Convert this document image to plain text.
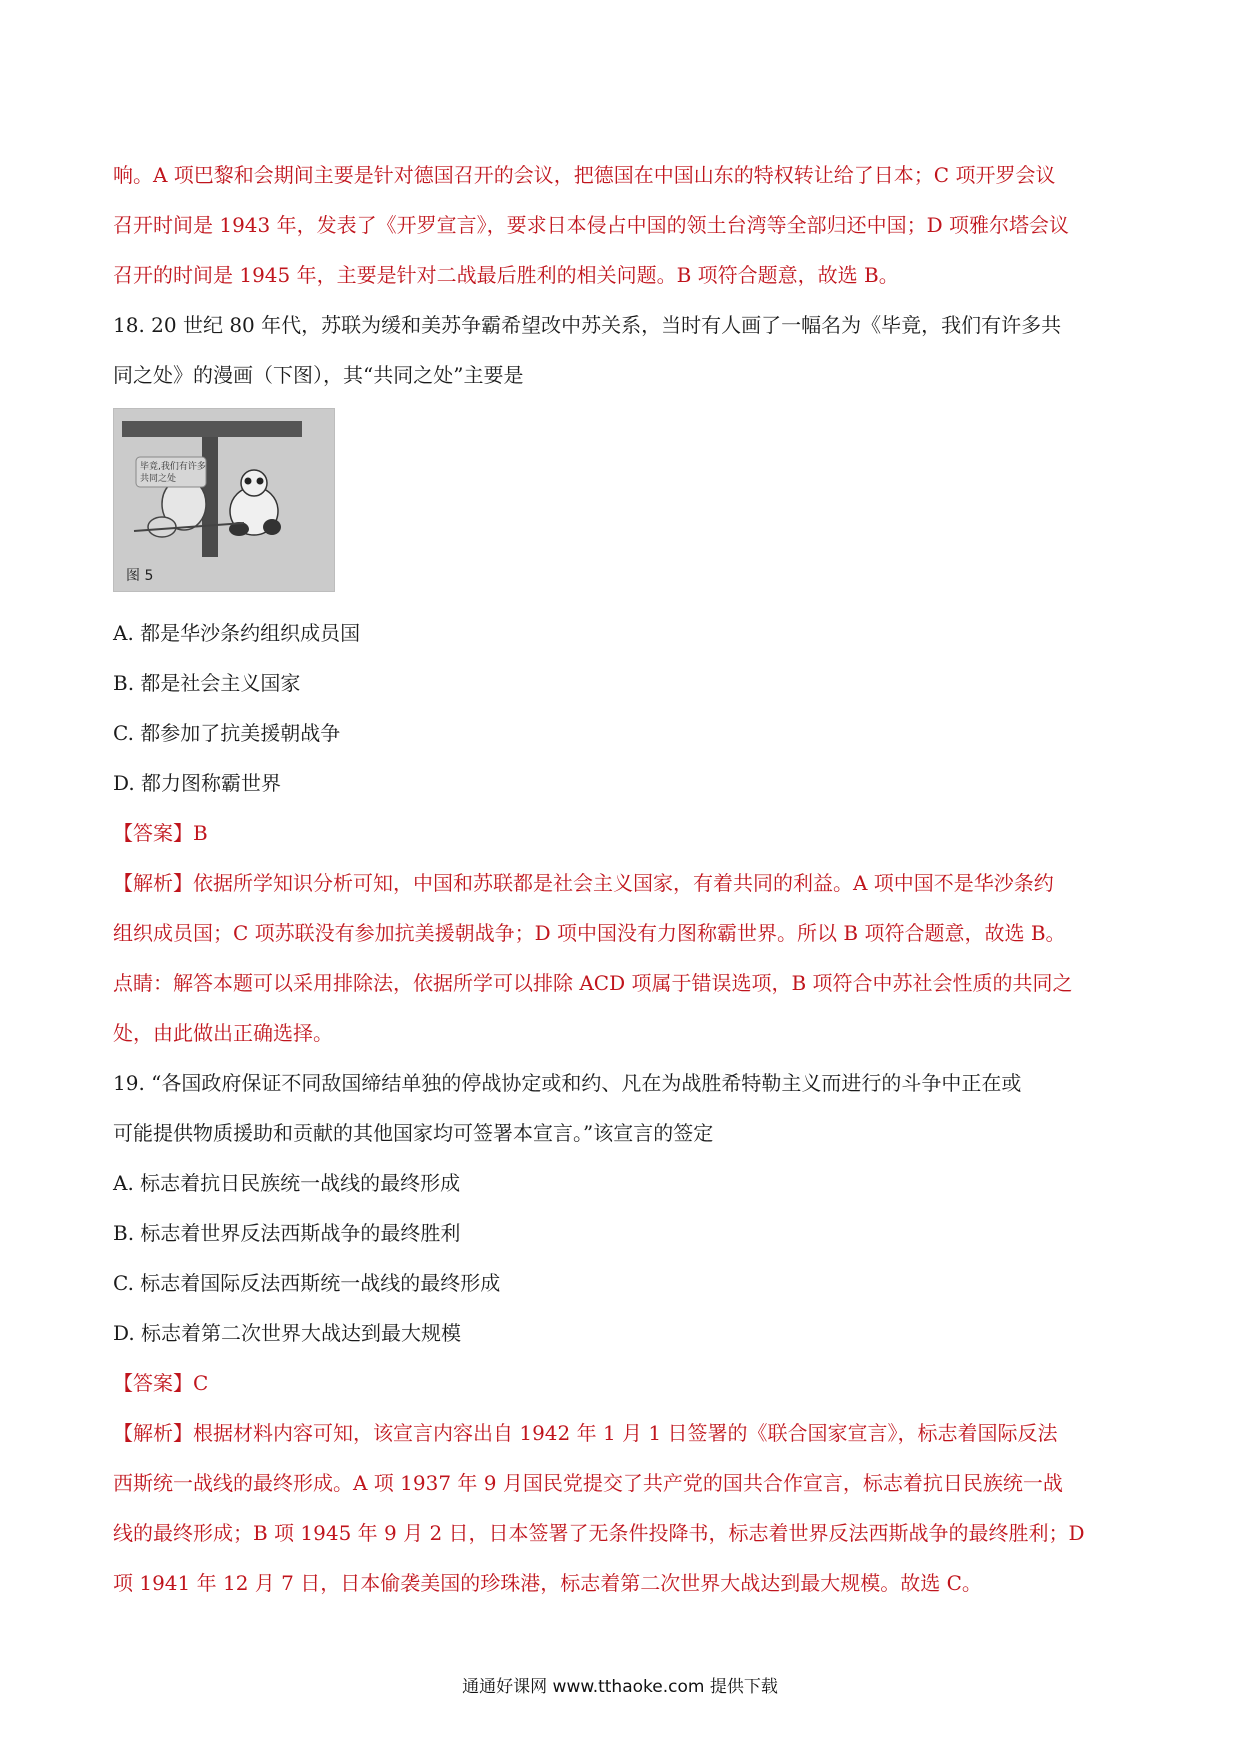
响。A 项巴黎和会期间主要是针对德国召开的会议，把德国在中国山东的特权转让给了日本；C 项开罗会议
召开时间是 1943 年，发表了《开罗宣言》，要求日本侵占中国的领土台湾等全部归还中国；D 项雅尔塔会议
召开的时间是 1945 年，主要是针对二战最后胜利的相关问题。B 项符合题意，故选 B。
18. 20 世纪 80 年代，苏联为缓和美苏争霸希望改中苏关系，当时有人画了一幅名为《毕竟，我们有许多共
同之处》的漫画（下图），其“共同之处”主要是
毕竟,我们有许多共同之处
图 5
A. 都是华沙条约组织成员国
B. 都是社会主义国家
C. 都参加了抗美援朝战争
D. 都力图称霸世界
【答案】B
【解析】依据所学知识分析可知，中国和苏联都是社会主义国家，有着共同的利益。A 项中国不是华沙条约
组织成员国；C 项苏联没有参加抗美援朝战争；D 项中国没有力图称霸世界。所以 B 项符合题意，故选 B。
点睛：解答本题可以采用排除法，依据所学可以排除 ACD 项属于错误选项，B 项符合中苏社会性质的共同之
处，由此做出正确选择。
19. “各国政府保证不同敌国缔结单独的停战协定或和约、凡在为战胜希特勒主义而进行的斗争中正在或
可能提供物质援助和贡献的其他国家均可签署本宣言。”该宣言的签定
A. 标志着抗日民族统一战线的最终形成
B. 标志着世界反法西斯战争的最终胜利
C. 标志着国际反法西斯统一战线的最终形成
D. 标志着第二次世界大战达到最大规模
【答案】C
【解析】根据材料内容可知，该宣言内容出自 1942 年 1 月 1 日签署的《联合国家宣言》，标志着国际反法
西斯统一战线的最终形成。A 项 1937 年 9 月国民党提交了共产党的国共合作宣言，标志着抗日民族统一战
线的最终形成；B 项 1945 年 9 月 2 日，日本签署了无条件投降书，标志着世界反法西斯战争的最终胜利；D
项 1941 年 12 月 7 日，日本偷袭美国的珍珠港，标志着第二次世界大战达到最大规模。故选 C。
通通好课网 www.tthaoke.com 提供下载
